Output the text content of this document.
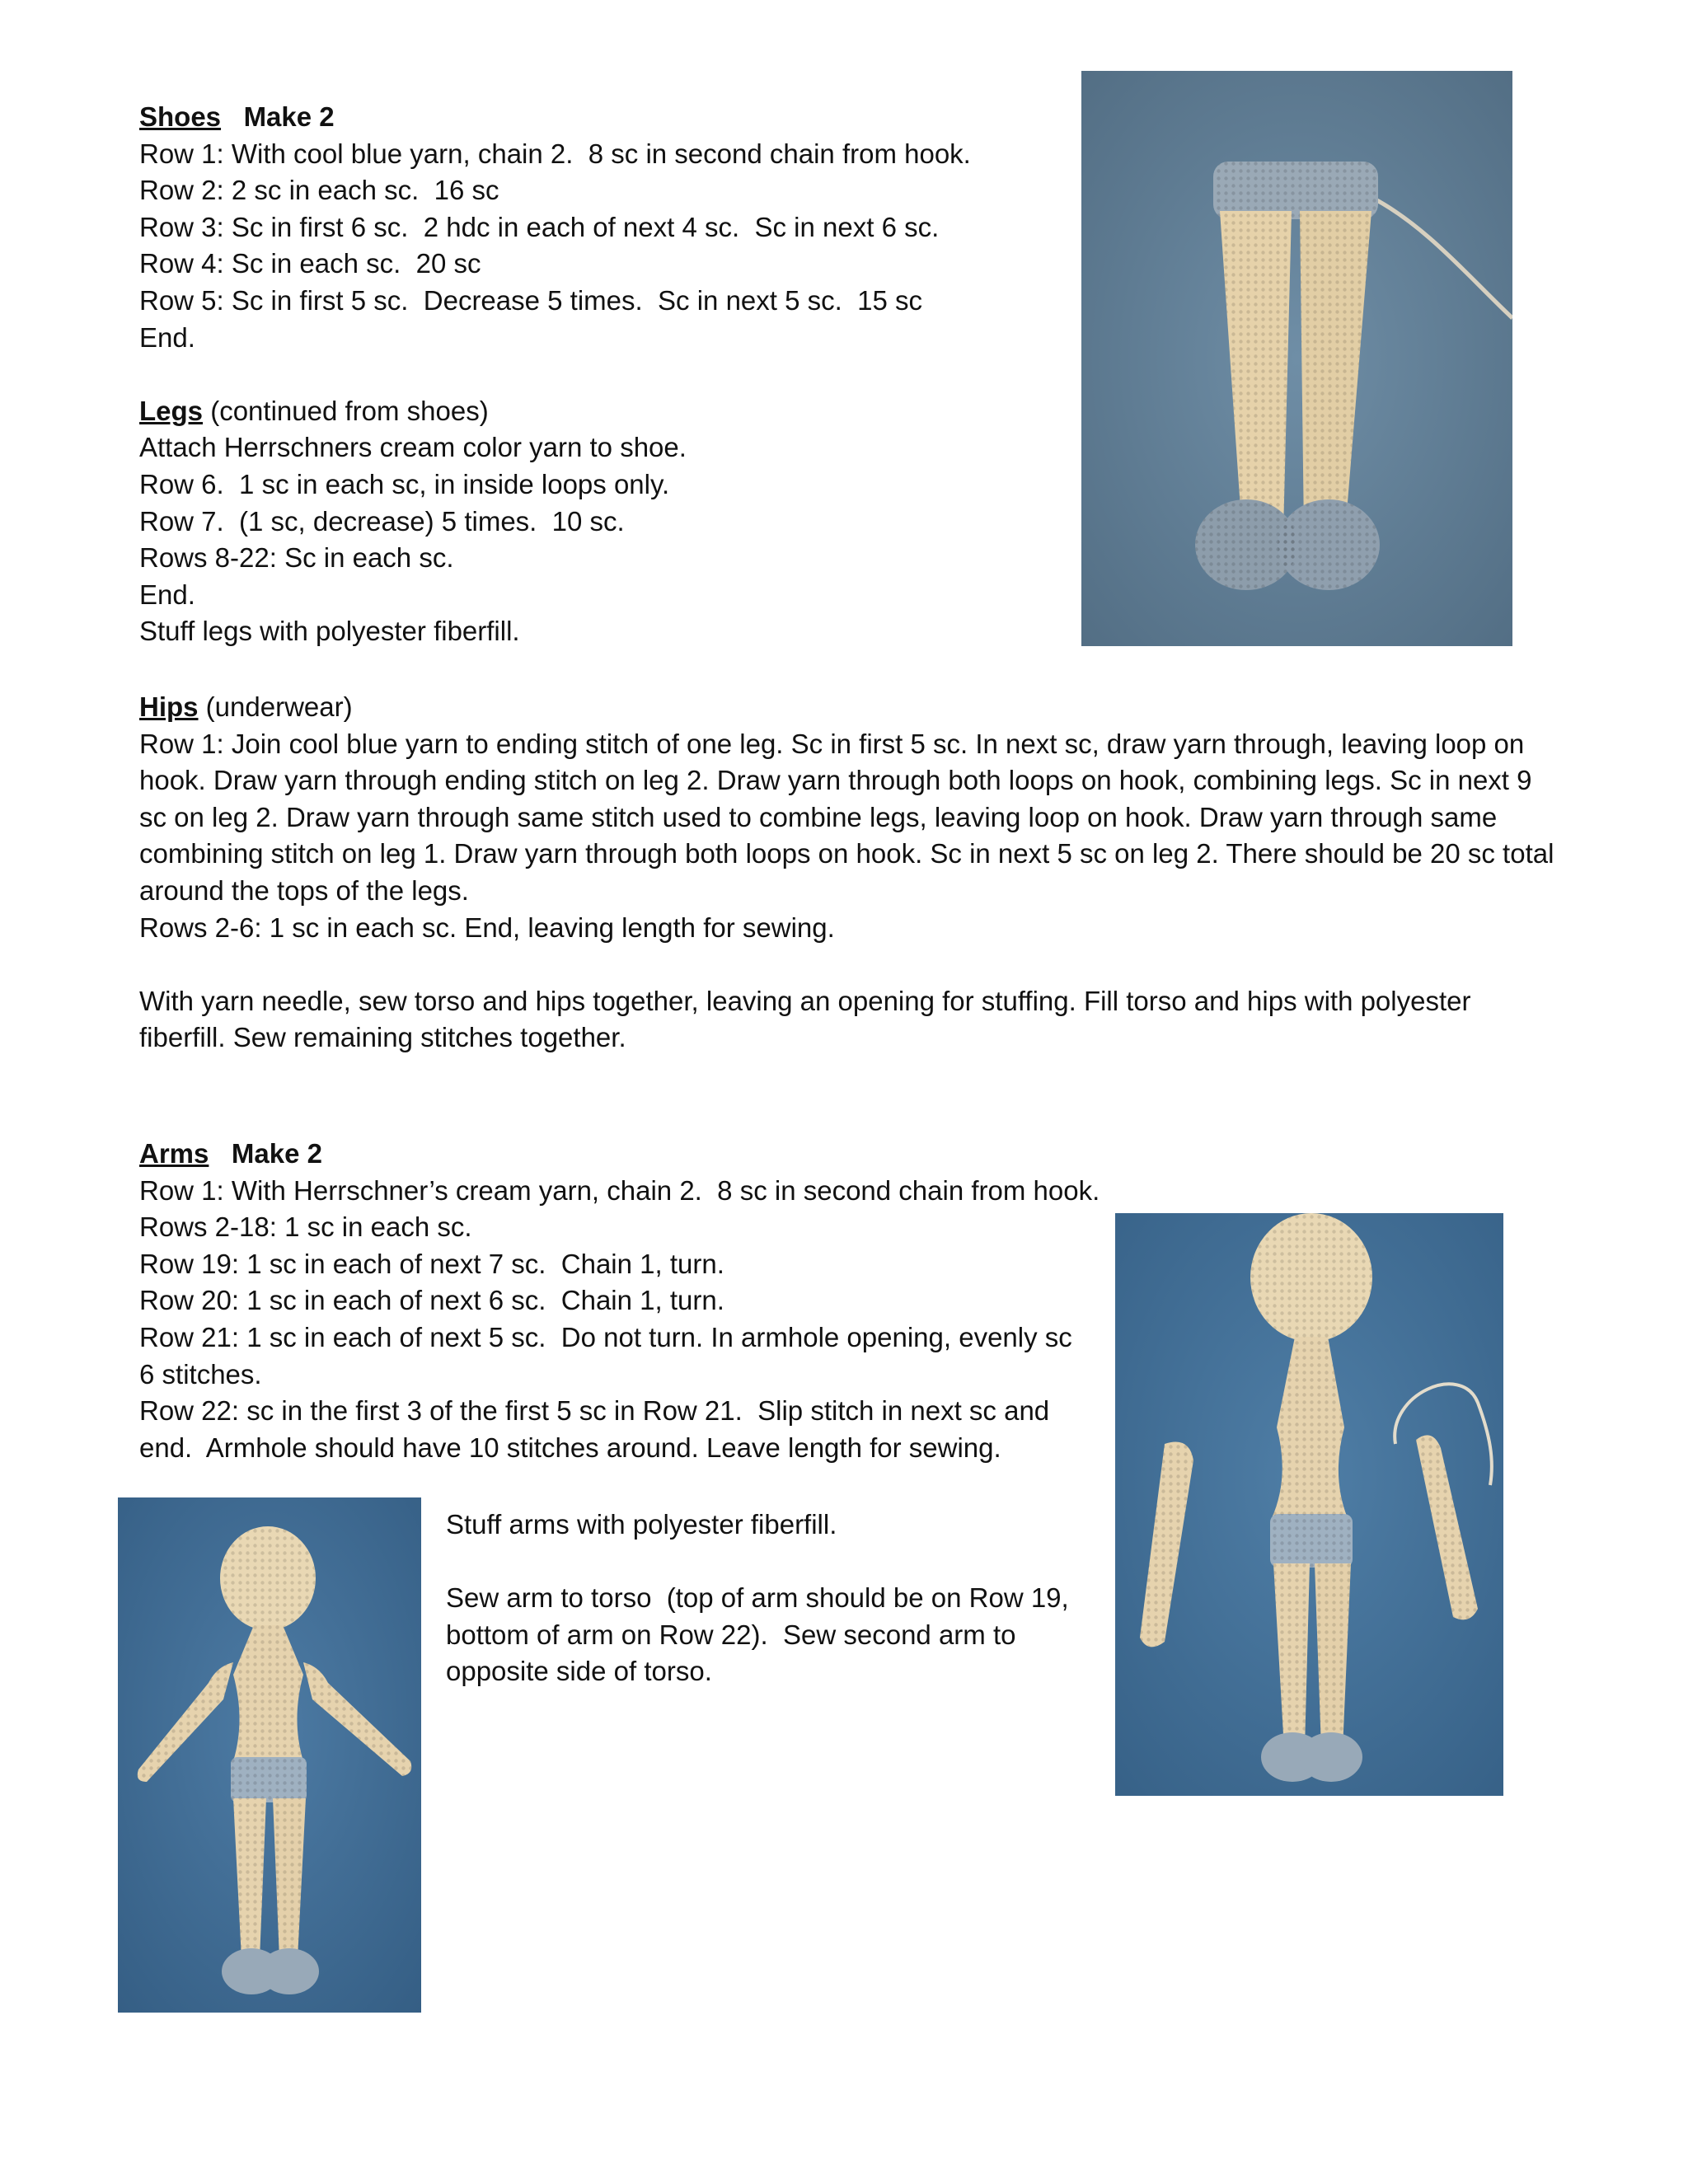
Shoes Make 2

Row 1: With cool blue yarn, chain 2.  8 sc in second chain from hook.

Row 2: 2 sc in each sc.  16 sc

Row 3: Sc in first 6 sc.  2 hdc in each of next 4 sc.  Sc in next 6 sc.

Row 4: Sc in each sc.  20 sc

Row 5: Sc in first 5 sc.  Decrease 5 times.  Sc in next 5 sc.  15 sc

End.

Legs (continued from shoes)

Attach Herrschners cream color yarn to shoe.

Row 6.  1 sc in each sc, in inside loops only.

Row 7.  (1 sc, decrease) 5 times.  10 sc.

Rows 8-22: Sc in each sc.

End.

Stuff legs with polyester fiberfill.

Hips (underwear)

Row 1: Join cool blue yarn to ending stitch of one leg. Sc in first 5 sc. In next sc, draw yarn through, leaving loop on hook. Draw yarn through ending stitch on leg 2. Draw yarn through both loops on hook, combining legs. Sc in next 9 sc on leg 2. Draw yarn through same stitch used to combine legs, leaving loop on hook. Draw yarn through same combining stitch on leg 1. Draw yarn through both loops on hook. Sc in next 5 sc on leg 2. There should be 20 sc total around the tops of the legs.

Rows 2-6: 1 sc in each sc. End, leaving length for sewing.

With yarn needle, sew torso and hips together, leaving an opening for stuffing. Fill torso and hips with polyester fiberfill. Sew remaining stitches together.

Arms Make 2

Row 1: With Herrschner’s cream yarn, chain 2.  8 sc in second chain from hook.

Rows 2-18: 1 sc in each sc.

Row 19: 1 sc in each of next 7 sc.  Chain 1, turn.

Row 20: 1 sc in each of next 6 sc.  Chain 1, turn.

Row 21: 1 sc in each of next 5 sc.  Do not turn. In armhole opening, evenly sc

6 stitches.

Row 22: sc in the first 3 of the first 5 sc in Row 21.  Slip stitch in next sc and

end.  Armhole should have 10 stitches around. Leave length for sewing.

Stuff arms with polyester fiberfill.

Sew arm to torso  (top of arm should be on Row 19,

bottom of arm on Row 22).  Sew second arm to

opposite side of torso.
